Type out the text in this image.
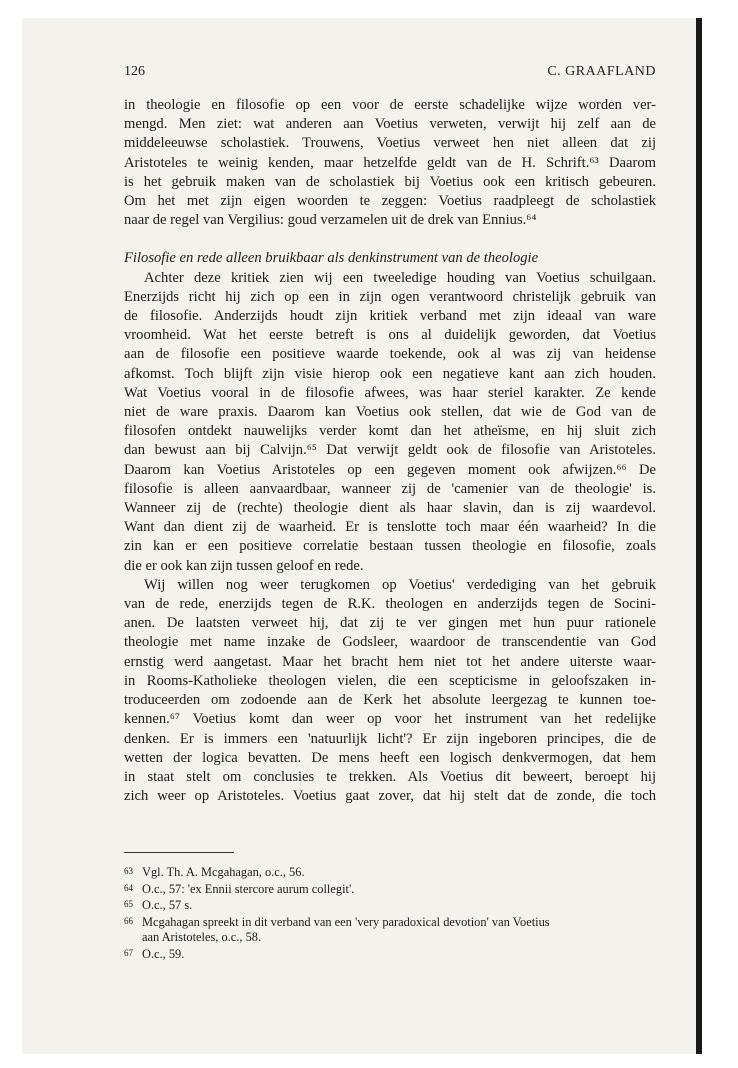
126	C. GRAAFLAND
in theologie en filosofie op een voor de eerste schadelijke wijze worden ver-
mengd. Men ziet: wat anderen aan Voetius verweten, verwijt hij zelf aan de
middeleeuwse scholastiek. Trouwens, Voetius verweet hen niet alleen dat zij
Aristoteles te weinig kenden, maar hetzelfde geldt van de H. Schrift.⁶³ Daarom
is het gebruik maken van de scholastiek bij Voetius ook een kritisch gebeuren.
Om het met zijn eigen woorden te zeggen: Voetius raadpleegt de scholastiek
naar de regel van Vergilius: goud verzamelen uit de drek van Ennius.⁶⁴
Filosofie en rede alleen bruikbaar als denkinstrument van de theologie
Achter deze kritiek zien wij een tweeledige houding van Voetius schuilgaan.
Enerzijds richt hij zich op een in zijn ogen verantwoord christelijk gebruik van
de filosofie. Anderzijds houdt zijn kritiek verband met zijn ideaal van ware
vroomheid. Wat het eerste betreft is ons al duidelijk geworden, dat Voetius
aan de filosofie een positieve waarde toekende, ook al was zij van heidense
afkomst. Toch blijft zijn visie hierop ook een negatieve kant aan zich houden.
Wat Voetius vooral in de filosofie afwees, was haar steriel karakter. Ze kende
niet de ware praxis. Daarom kan Voetius ook stellen, dat wie de God van de
filosofen ontdekt nauwelijks verder komt dan het atheïsme, en hij sluit zich
dan bewust aan bij Calvijn.⁶⁵ Dat verwijt geldt ook de filosofie van Aristoteles.
Daarom kan Voetius Aristoteles op een gegeven moment ook afwijzen.⁶⁶ De
filosofie is alleen aanvaardbaar, wanneer zij de 'camenier van de theologie' is.
Wanneer zij de (rechte) theologie dient als haar slavin, dan is zij waardevol.
Want dan dient zij de waarheid. Er is tenslotte toch maar één waarheid? In die
zin kan er een positieve correlatie bestaan tussen theologie en filosofie, zoals
die er ook kan zijn tussen geloof en rede.
Wij willen nog weer terugkomen op Voetius' verdediging van het gebruik
van de rede, enerzijds tegen de R.K. theologen en anderzijds tegen de Socini-
anen. De laatsten verweet hij, dat zij te ver gingen met hun puur rationele
theologie met name inzake de Godsleer, waardoor de transcendentie van God
ernstig werd aangetast. Maar het bracht hem niet tot het andere uiterste waar-
in Rooms-Katholieke theologen vielen, die een scepticisme in geloofszaken in-
troduceerden om zodoende aan de Kerk het absolute leergezag te kunnen toe-
kennen.⁶⁷ Voetius komt dan weer op voor het instrument van het redelijke
denken. Er is immers een 'natuurlijk licht'? Er zijn ingeboren principes, die de
wetten der logica bevatten. De mens heeft een logisch denkvermogen, dat hem
in staat stelt om conclusies te trekken. Als Voetius dit beweert, beroept hij
zich weer op Aristoteles. Voetius gaat zover, dat hij stelt dat de zonde, die toch
63 Vgl. Th. A. Mcgahagan, o.c., 56.
64 O.c., 57: 'ex Ennii stercore aurum collegit'.
65 O.c., 57 s.
66 Mcgahagan spreekt in dit verband van een 'very paradoxical devotion' van Voetius
aan Aristoteles, o.c., 58.
67 O.c., 59.
